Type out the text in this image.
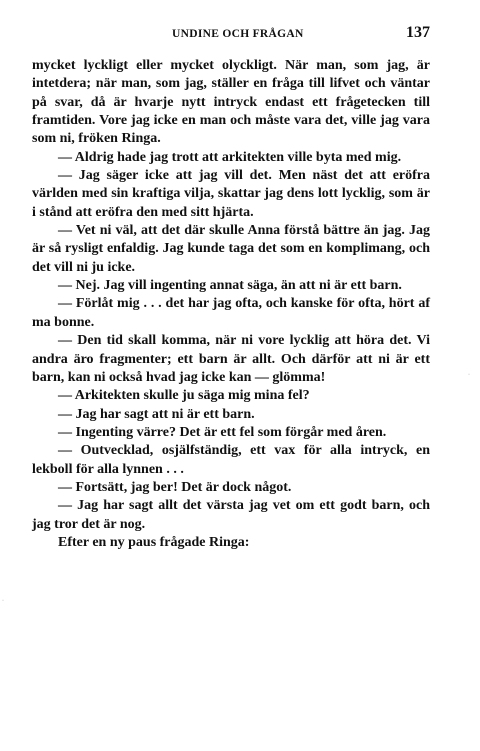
UNDINE OCH FRÅGAN	137

mycket lyckligt eller mycket olyckligt. När man, som jag, är intetdera; när man, som jag, ställer en fråga till lifvet och väntar på svar, då är hvarje nytt intryck endast ett frågetecken till framtiden. Vore jag icke en man och måste vara det, ville jag vara som ni, fröken Ringa.

— Aldrig hade jag trott att arkitekten ville byta med mig.

— Jag säger icke att jag vill det. Men näst det att eröfra världen med sin kraftiga vilja, skattar jag dens lott lycklig, som är i stånd att eröfra den med sitt hjärta.

— Vet ni väl, att det där skulle Anna förstå bättre än jag. Jag är så rysligt enfaldig. Jag kunde taga det som en komplimang, och det vill ni ju icke.

— Nej. Jag vill ingenting annat säga, än att ni är ett barn.

— Förlåt mig . . . det har jag ofta, och kanske för ofta, hört af ma bonne.

— Den tid skall komma, när ni vore lycklig att höra det. Vi andra äro fragmenter; ett barn är allt. Och därför att ni är ett barn, kan ni också hvad jag icke kan — glömma!

— Arkitekten skulle ju säga mig mina fel?

— Jag har sagt att ni är ett barn.

— Ingenting värre? Det är ett fel som förgår med åren.

— Outvecklad, osjälfständig, ett vax för alla intryck, en lekboll för alla lynnen . . .

— Fortsätt, jag ber! Det är dock något.

— Jag har sagt allt det värsta jag vet om ett godt barn, och jag tror det är nog.

Efter en ny paus frågade Ringa:

·
·
